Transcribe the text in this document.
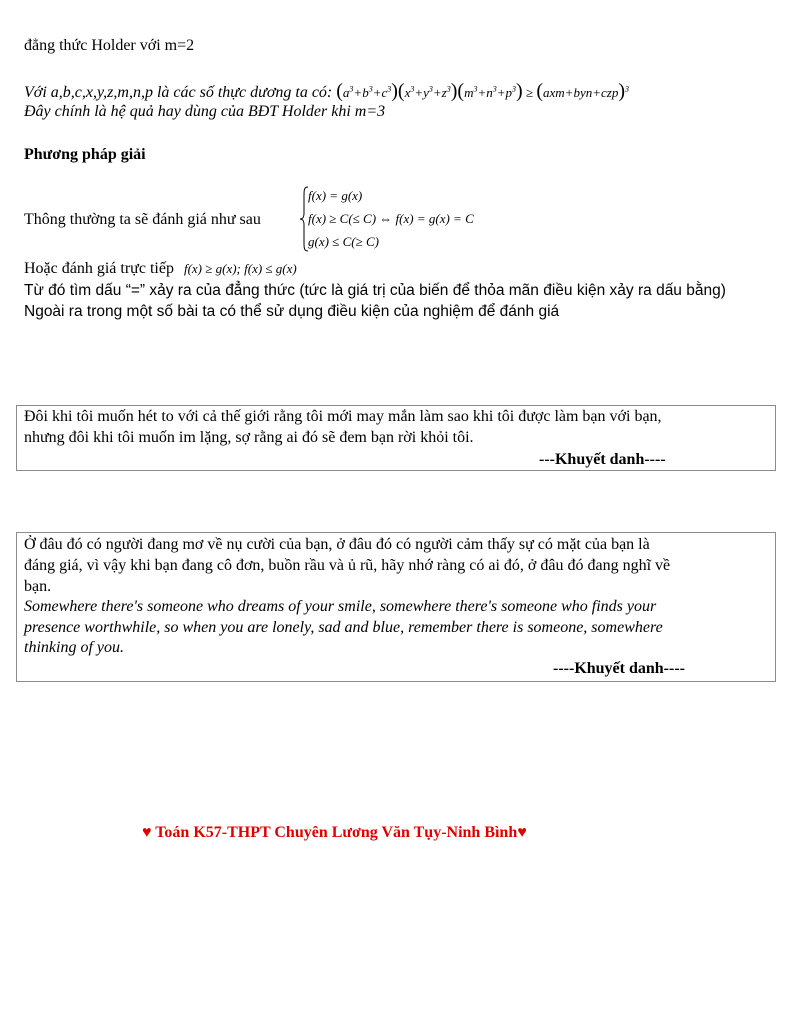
đẳng thức Holder với m=2
Với a,b,c,x,y,z,m,n,p là các số thực dương ta có: $(a^3+b^3+c^3)(x^3+y^3+z^3)(m^3+n^3+p^3) \ge (axm+byn+czp)^3$
Đây chính là hệ quả hay dùng của BĐT Holder khi m=3
Phương pháp giải
Thông thường ta sẽ đánh giá như sau
f(x) = g(x)
f(x) ≥ C(≤ C) ⇔ f(x) = g(x) = C
g(x) ≤ C(≥ C)
Hoặc đánh giá trực tiếp f(x) ≥ g(x); f(x) ≤ g(x)
Từ đó tìm dấu “=” xảy ra của đẳng thức (tức là giá trị của biến để thỏa mãn điều kiện xảy ra dấu bằng)
Ngoài ra trong một số bài ta có thể sử dụng điều kiện của nghiệm để đánh giá
Đôi khi tôi muốn hét to với cả thế giới rằng tôi mới may mắn làm sao khi tôi được làm bạn với bạn,
nhưng đôi khi tôi muốn im lặng, sợ rằng ai đó sẽ đem bạn rời khỏi tôi.
---Khuyết danh----
Ở đâu đó có người đang mơ về nụ cười của bạn, ở đâu đó có người cảm thấy sự có mặt của bạn là
đáng giá, vì vậy khi bạn đang cô đơn, buồn rầu và ủ rũ, hãy nhớ ràng có ai đó, ở đâu đó đang nghĩ về
bạn.
Somewhere there's someone who dreams of your smile, somewhere there's someone who finds your
presence worthwhile, so when you are lonely, sad and blue, remember there is someone, somewhere
thinking of you.
----Khuyết danh----
♥ Toán K57-THPT Chuyên Lương Văn Tụy-Ninh Bình♥
